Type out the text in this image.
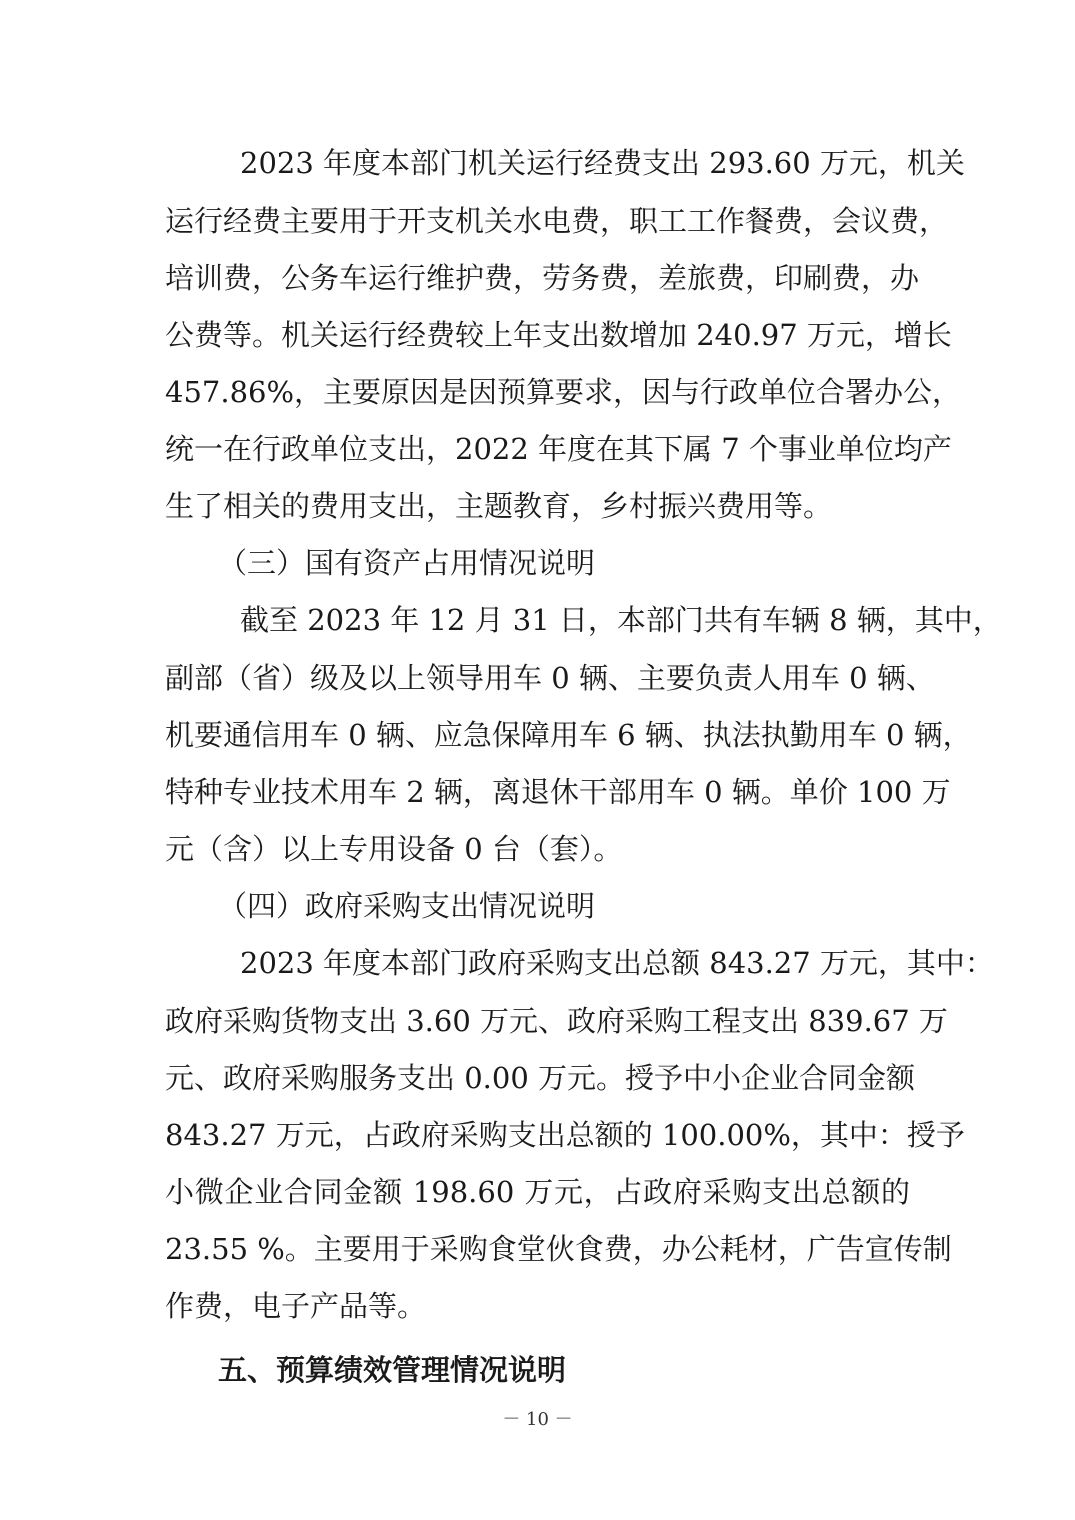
2023 年度本部门机关运行经费支出 293.60 万元，机关
运行经费主要用于开支机关水电费，职工工作餐费，会议费，
培训费，公务车运行维护费，劳务费，差旅费，印刷费，办
公费等。机关运行经费较上年支出数增加 240.97 万元，增长
457.86%，主要原因是因预算要求，因与行政单位合署办公，
统一在行政单位支出，2022 年度在其下属 7 个事业单位均产
生了相关的费用支出，主题教育，乡村振兴费用等。
（三）国有资产占用情况说明
截至 2023 年 12 月 31 日，本部门共有车辆 8 辆，其中，
副部（省）级及以上领导用车 0 辆、主要负责人用车 0 辆、
机要通信用车 0 辆、应急保障用车 6 辆、执法执勤用车 0 辆，
特种专业技术用车 2 辆，离退休干部用车 0 辆。单价 100 万
元（含）以上专用设备 0 台（套）。
（四）政府采购支出情况说明
2023 年度本部门政府采购支出总额 843.27 万元，其中：
政府采购货物支出 3.60 万元、政府采购工程支出 839.67 万
元、政府采购服务支出 0.00 万元。授予中小企业合同金额
843.27 万元，占政府采购支出总额的 100.00%，其中：授予
小微企业合同金额 198.60 万元，占政府采购支出总额的
23.55 %。主要用于采购食堂伙食费，办公耗材，广告宣传制
作费，电子产品等。
五、预算绩效管理情况说明
－ 10 －
